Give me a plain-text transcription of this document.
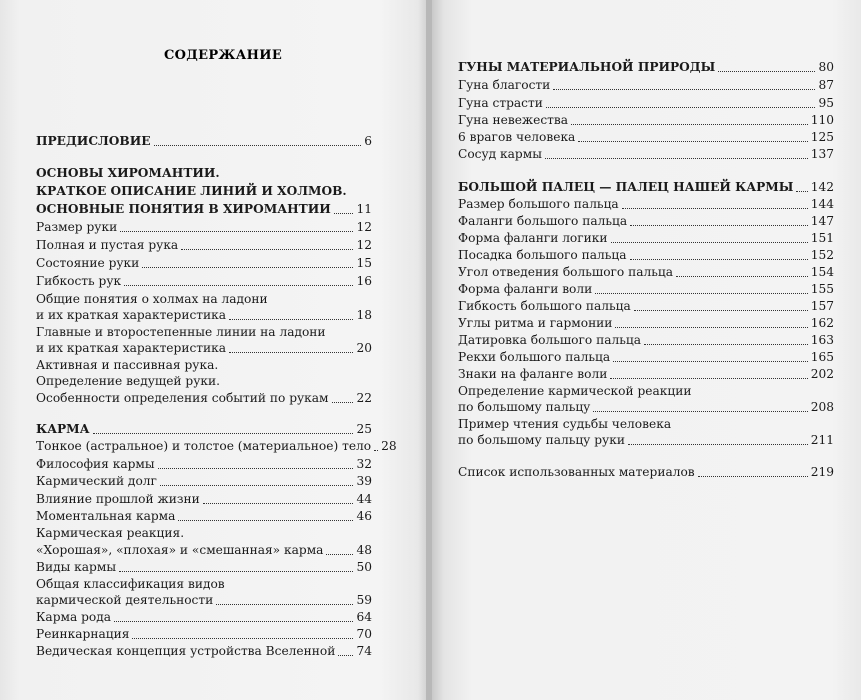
СОДЕРЖАНИЕ
ПРЕДИСЛОВИЕ	6
ОСНОВЫ ХИРОМАНТИИ.
КРАТКОЕ ОПИСАНИЕ ЛИНИЙ И ХОЛМОВ.
ОСНОВНЫЕ ПОНЯТИЯ В ХИРОМАНТИИ 11
Размер руки	12
Полная и пустая рука	12
Состояние руки	15
Гибкость рук	16
Общие понятия о холмах на ладони
и их краткая характеристика	18
Главные и второстепенные линии на ладони
и их краткая характеристика	20
Активная и пассивная рука.
Определение ведущей руки.
Особенности определения событий по рукам 22
КАРМА	25
Тонкое (астральное) и толстое (материальное) тело 28
Философия кармы	32
Кармический долг	39
Влияние прошлой жизни	44
Моментальная карма	46
Кармическая реакция.
«Хорошая», «плохая» и «смешанная» карма	48
Виды кармы	50
Общая классификация видов
кармической деятельности	59
Карма рода	64
Реинкарнация	70
Ведическая концепция устройства Вселенной 74
ГУНЫ МАТЕРИАЛЬНОЙ ПРИРОДЫ	80
Гуна благости	87
Гуна страсти	95
Гуна невежества	110
6 врагов человека	125
Сосуд кармы	137
БОЛЬШОЙ ПАЛЕЦ — ПАЛЕЦ НАШЕЙ КАРМЫ 142
Размер большого пальца	144
Фаланги большого пальца	147
Форма фаланги логики	151
Посадка большого пальца	152
Угол отведения большого пальца	154
Форма фаланги воли	155
Гибкость большого пальца	157
Углы ритма и гармонии	162
Датировка большого пальца	163
Рекхи большого пальца	165
Знаки на фаланге воли	202
Определение кармической реакции
по большому пальцу	208
Пример чтения судьбы человека
по большому пальцу руки	211
Список использованных материалов	219
